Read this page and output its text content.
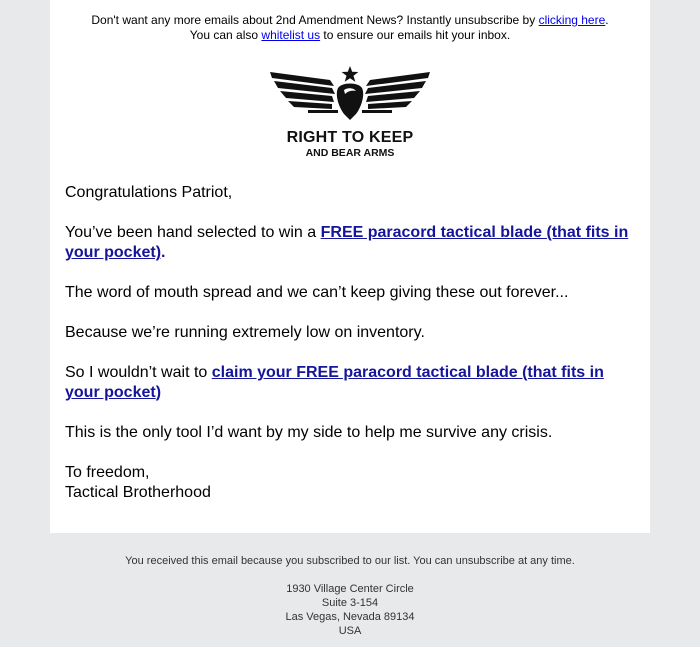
Don't want any more emails about 2nd Amendment News? Instantly unsubscribe by clicking here.
You can also whitelist us to ensure our emails hit your inbox.
RIGHT TO KEEP
AND BEAR ARMS

Congratulations Patriot,

You’ve been hand selected to win a FREE paracord tactical blade (that fits in your pocket).

The word of mouth spread and we can’t keep giving these out forever...

Because we’re running extremely low on inventory.

So I wouldn’t wait to claim your FREE paracord tactical blade (that fits in your pocket)

This is the only tool I’d want by my side to help me survive any crisis.

To freedom,
Tactical Brotherhood
You received this email because you subscribed to our list. You can unsubscribe at any time.
1930 Village Center Circle
Suite 3-154
Las Vegas, Nevada 89134
USA
